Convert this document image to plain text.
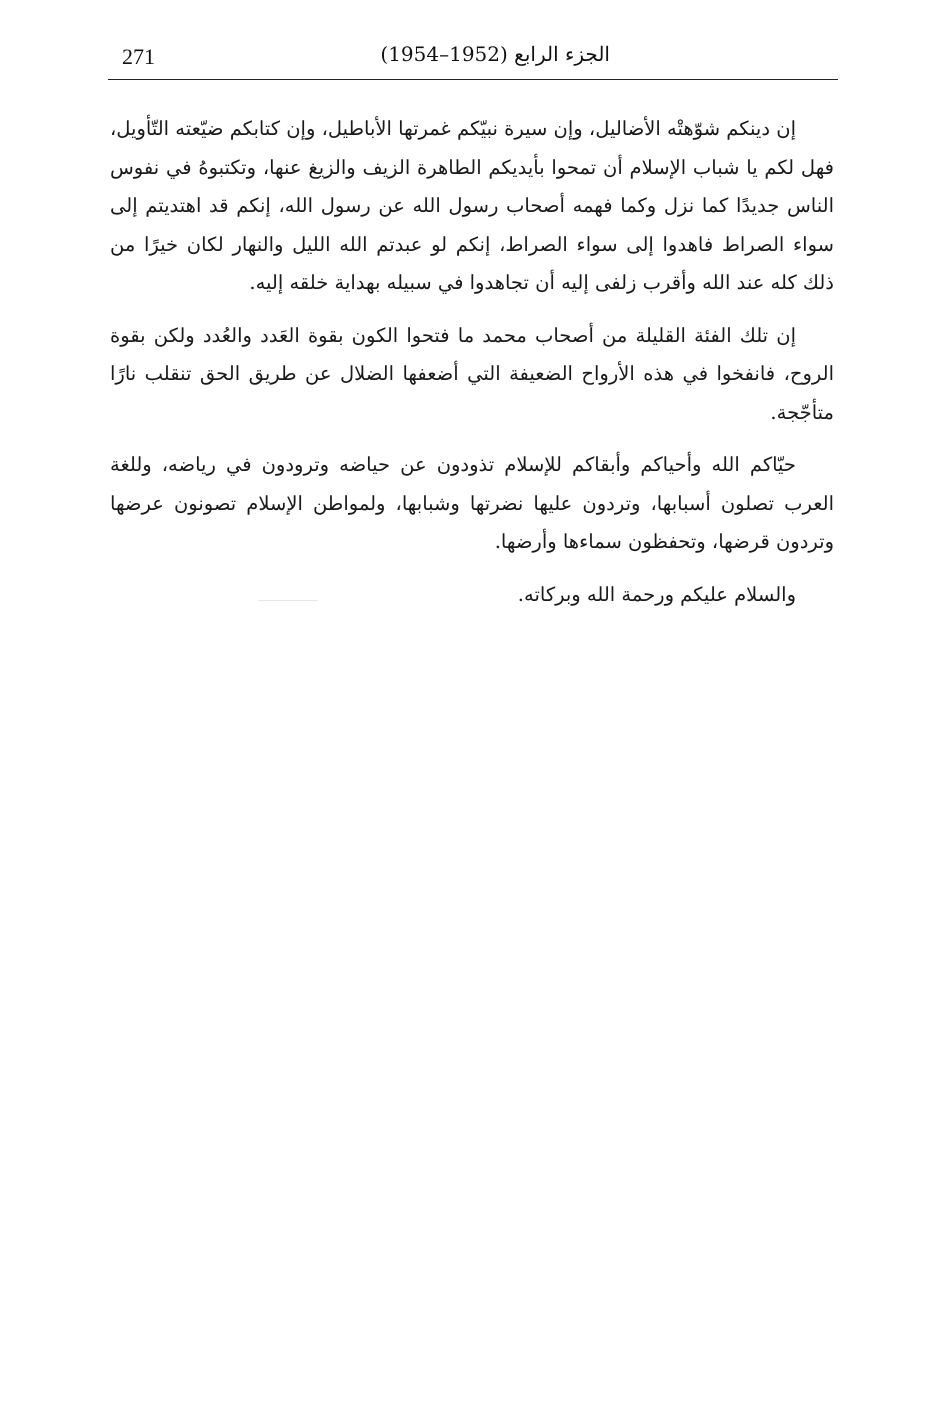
271	الجزء الرابع (1952–1954)

إن دينكم شوّهتْه الأضاليل، وإن سيرة نبيّكم غمرتها الأباطيل، وإن كتابكم ضيّعته التّأويل، فهل لكم يا شباب الإسلام أن تمحوا بأيديكم الطاهرة الزيف والزيغ عنها، وتكتبوهُ في نفوس الناس جديدًا كما نزل وكما فهمه أصحاب رسول الله عن رسول الله، إنكم قد اهتديتم إلى سواء الصراط فاهدوا إلى سواء الصراط، إنكم لو عبدتم الله الليل والنهار لكان خيرًا من ذلك كله عند الله وأقرب زلفى إليه أن تجاهدوا في سبيله بهداية خلقه إليه.

إن تلك الفئة القليلة من أصحاب محمد ما فتحوا الكون بقوة العَدد والعُدد ولكن بقوة الروح، فانفخوا في هذه الأرواح الضعيفة التي أضعفها الضلال عن طريق الحق تنقلب نارًا متأجّجة.

حيّاكم الله وأحياكم وأبقاكم للإسلام تذودون عن حياضه وترودون في رياضه، وللغة العرب تصلون أسبابها، وتردون عليها نضرتها وشبابها، ولمواطن الإسلام تصونون عرضها وتردون قرضها، وتحفظون سماءها وأرضها.

والسلام عليكم ورحمة الله وبركاته.
